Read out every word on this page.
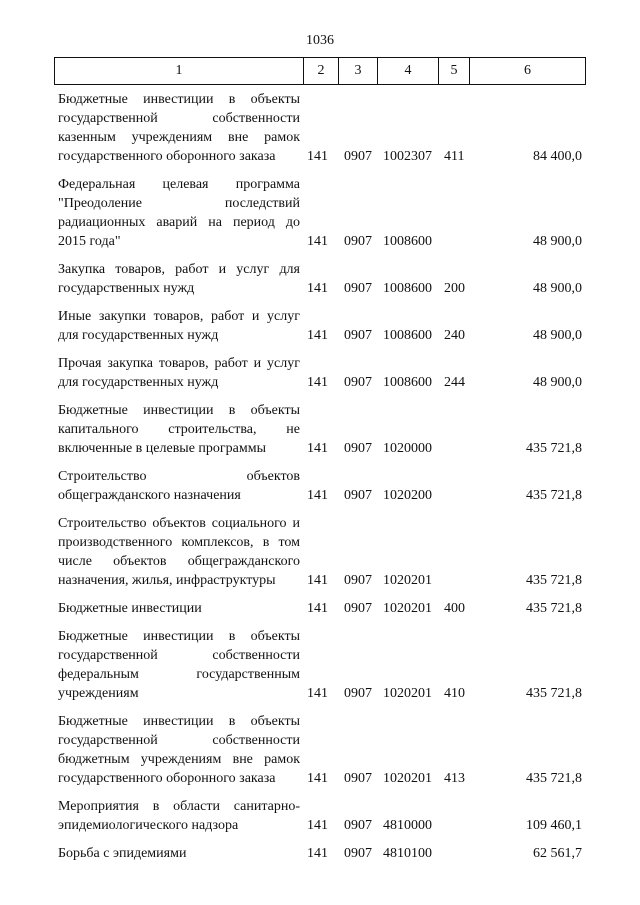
1036
1	2	3	4	5	6
Бюджетные инвестиции в объекты государственной собственности казенным учреждениям вне рамок государственного оборонного заказа	141 0907 1002307 411	84 400,0
Федеральная целевая программа "Преодоление последствий радиационных аварий на период до 2015 года"	141 0907 1008600	48 900,0
Закупка товаров, работ и услуг для государственных нужд	141 0907 1008600 200	48 900,0
Иные закупки товаров, работ и услуг для государственных нужд	141 0907 1008600 240	48 900,0
Прочая закупка товаров, работ и услуг для государственных нужд	141 0907 1008600 244	48 900,0
Бюджетные инвестиции в объекты капитального строительства, не включенные в целевые программы	141 0907 1020000	435 721,8
Строительство объектов общегражданского назначения	141 0907 1020200	435 721,8
Строительство объектов социального и производственного комплексов, в том числе объектов общегражданского назначения, жилья, инфраструктуры	141 0907 1020201	435 721,8
Бюджетные инвестиции	141 0907 1020201 400	435 721,8
Бюджетные инвестиции в объекты государственной собственности федеральным государственным учреждениям	141 0907 1020201 410	435 721,8
Бюджетные инвестиции в объекты государственной собственности бюджетным учреждениям вне рамок государственного оборонного заказа	141 0907 1020201 413	435 721,8
Мероприятия в области санитарно-эпидемиологического надзора	141 0907 4810000	109 460,1
Борьба с эпидемиями	141 0907 4810100	62 561,7
